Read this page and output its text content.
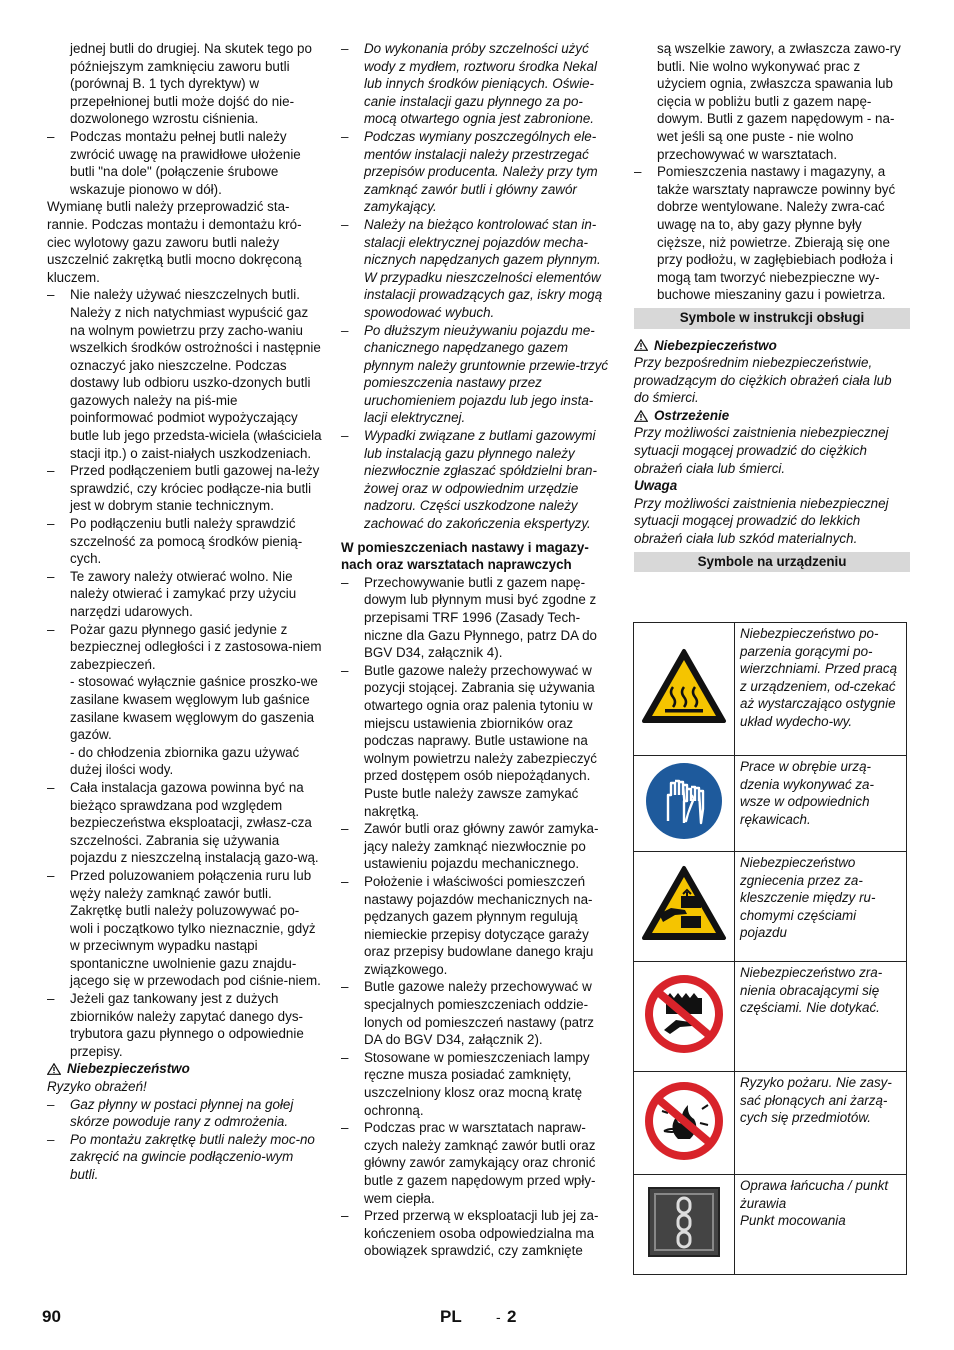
jednej butli do drugiej. Na skutek tego po późniejszym zamknięciu zaworu butli (porównaj B. 1 tych dyrektyw) w przepełnionej butli może dojść do nie-dozwolonego wzrostu ciśnienia.

–	Podczas montażu pełnej butli należy zwrócić uwagę na prawidłowe ułożenie butli "na dole" (połączenie śrubowe wskazuje pionowo w dół).

Wymianę butli należy przeprowadzić sta-rannie. Podczas montażu i demontażu kró-ciec wylotowy gazu zaworu butli należy uszczelnić zakrętką butli mocno dokręconą kluczem.

–	Nie należy używać nieszczelnych butli. Należy z nich natychmiast wypuścić gaz na wolnym powietrzu przy zacho-waniu wszelkich środków ostrożności i następnie oznaczyć jako nieszczelne. Podczas dostawy lub odbioru uszko-dzonych butli gazowych należy na piś-mie poinformować podmiot wypożyczający butle lub jego przedsta-wiciela (właściciela stacji itp.) o zaist-niałych uszkodzeniach.
–	Przed podłączeniem butli gazowej na-leży sprawdzić, czy króciec podłącze-nia butli jest w dobrym stanie technicznym.
–	Po podłączeniu butli należy sprawdzić szczelność za pomocą środków pienią-cych.
–	Te zawory należy otwierać wolno. Nie należy otwierać i zamykać przy użyciu narzędzi udarowych.
–	Pożar gazu płynnego gasić jedynie z bezpiecznej odległości i z zastosowa-niem zabezpieczeń.

- stosować wyłącznie gaśnice proszko-we zasilane kwasem węglowym lub gaśnice zasilane kwasem węglowym do gaszenia gazów.

- do chłodzenia zbiornika gazu używać dużej ilości wody.

–	Cała instalacja gazowa powinna być na bieżąco sprawdzana pod względem bezpieczeństwa eksploatacji, zwłasz-cza szczelności. Zabrania się używania pojazdu z nieszczelną instalacją gazo-wą.
–	Przed poluzowaniem połączenia ruru lub węży należy zamknąć zawór butli. Zakrętkę butli należy poluzowywać po-woli i początkowo tylko nieznacznie, gdyż w przeciwnym wypadku nastąpi spontaniczne uwolnienie gazu znajdu-jącego się w przewodach pod ciśnie-niem.
–	Jeżeli gaz tankowany jest z dużych zbiorników należy zapytać danego dys-trybutora gazu płynnego o odpowiednie przepisy.
Niebezpieczeństwo

Ryzyko obrażeń!

–	Gaz płynny w postaci płynnej na gołej skórze powoduje rany z odmrożenia.
–	Po montażu zakrętkę butli należy moc-no zakręcić na gwincie podłączenio-wym butli.
–	Do wykonania próby szczelności użyć wody z mydłem, roztworu środka Nekal lub innych środków pieniących. Oświe-canie instalacji gazu płynnego za po-mocą otwartego ognia jest zabronione.
–	Podczas wymiany poszczególnych ele-mentów instalacji należy przestrzegać przepisów producenta. Należy przy tym zamknąć zawór butli i główny zawór zamykający.
–	Należy na bieżąco kontrolować stan in-stalacji elektrycznej pojazdów mecha-nicznych napędzanych gazem płynnym. W przypadku nieszczelności elementów instalacji prowadzących gaz, iskry mogą spowodować wybuch.
–	Po dłuższym nieużywaniu pojazdu me-chanicznego napędzanego gazem płynnym należy gruntownie przewie-trzyć pomieszczenia nastawy przez uruchomieniem pojazdu lub jego insta-lacji elektrycznej.
–	Wypadki związane z butlami gazowymi lub instalacją gazu płynnego należy niezwłocznie zgłaszać spółdzielni bran-żowej oraz w odpowiednim urzędzie nadzoru. Części uszkodzone należy zachować do zakończenia ekspertyzy.

W pomieszczeniach nastawy i magazy-nach oraz warsztatach naprawczych

–	Przechowywanie butli z gazem napę-dowym lub płynnym musi być zgodne z przepisami TRF 1996 (Zasady Tech-niczne dla Gazu Płynnego, patrz DA do BGV D34, załącznik 4).
–	Butle gazowe należy przechowywać w pozycji stojącej. Zabrania się używania otwartego ognia oraz palenia tytoniu w miejscu ustawienia zbiorników oraz podczas naprawy. Butle ustawione na wolnym powietrzu należy zabezpieczyć przed dostępem osób niepożądanych. Puste butle należy zawsze zamykać nakrętką.
–	Zawór butli oraz główny zawór zamyka-jący należy zamknąć niezwłocznie po ustawieniu pojazdu mechanicznego.
–	Położenie i właściwości pomieszczeń nastawy pojazdów mechanicznych na-pędzanych gazem płynnym regulują niemieckie przepisy dotyczące garaży oraz przepisy budowlane danego kraju związkowego.
–	Butle gazowe należy przechowywać w specjalnych pomieszczeniach oddzie-lonych od pomieszczeń nastawy (patrz DA do BGV D34, załącznik 2).
–	Stosowane w pomieszczeniach lampy ręczne musza posiadać zamknięty, uszczelniony klosz oraz mocną kratę ochronną.
–	Podczas prac w warsztatach napraw-czych należy zamknąć zawór butli oraz główny zawór zamykający oraz chronić butle z gazem napędowym przed wpły-wem ciepła.
–	Przed przerwą w eksploatacji lub jej za-kończeniem osoba odpowiedzialna ma obowiązek sprawdzić, czy zamknięte

są wszelkie zawory, a zwłaszcza zawo-ry butli. Nie wolno wykonywać prac z użyciem ognia, zwłaszcza spawania lub cięcia w pobliżu butli z gazem napę-dowym. Butli z gazem napędowym - na-wet jeśli są one puste - nie wolno przechowywać w warsztatach.

–	Pomieszczenia nastawy i magazyny, a także warsztaty naprawcze powinny być dobrze wentylowane. Należy zwra-cać uwagę na to, aby gazy płynne były cięższe, niż powietrze. Zbierają się one przy podłożu, w zagłębiebiach podłoża i mogą tam tworzyć niebezpieczne wy-buchowe mieszaniny gazu i powietrza.
Symbole w instrukcji obsługi
Niebezpieczeństwo

Przy bezpośrednim niebezpieczeństwie, prowadzącym do ciężkich obrażeń ciała lub do śmierci.

Ostrzeżenie

Przy możliwości zaistnienia niebezpiecznej sytuacji mogącej prowadzić do ciężkich obrażeń ciała lub śmierci.

Uwaga

Przy możliwości zaistnienia niebezpiecznej sytuacji mogącej prowadzić do lekkich obrażeń ciała lub szkód materialnych.

Symbole na urządzeniu
	Niebezpieczeństwo po-parzenia gorącymi po-wierzchniami. Przed pracą z urządzeniem, od-czekać aż wystarczająco ostygnie układ wydecho-wy.
	Prace w obrębie urzą-dzenia wykonywać za-wsze w odpowiednich rękawicach.
	Niebezpieczeństwo zgniecenia przez za-kleszczenie między ru-chomymi częściami pojazdu
	Niebezpieczeństwo zra-nienia obracającymi się częściami. Nie dotykać.
	Ryzyko pożaru. Nie zasy-sać płonących ani żarzą-cych się przedmiotów.
	Oprawa łańcucha / punkt żurawia
Punkt mocowania
90	PL - 2
